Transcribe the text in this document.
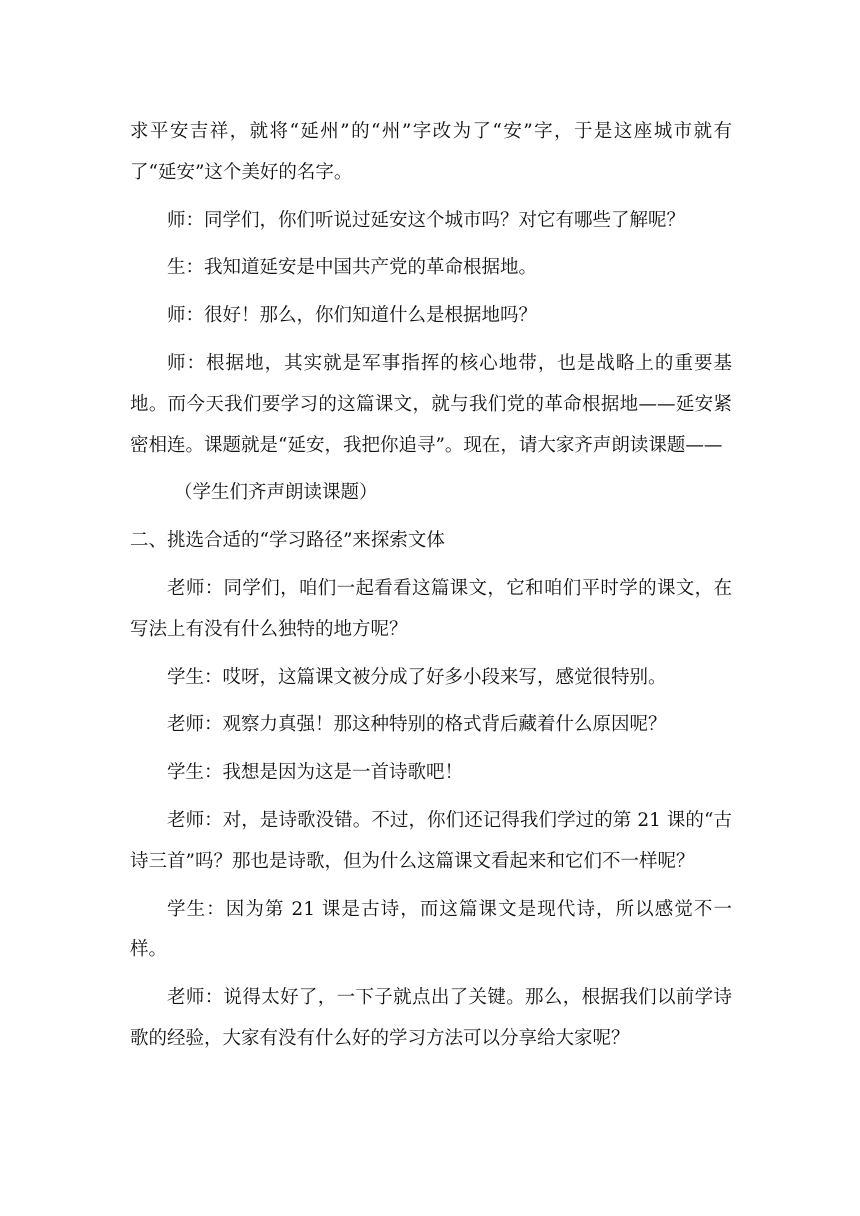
求平安吉祥，就将“延州”的“州”字改为了“安”字，于是这座城市就有了“延安”这个美好的名字。

师：同学们，你们听说过延安这个城市吗？对它有哪些了解呢？

生：我知道延安是中国共产党的革命根据地。

师：很好！那么，你们知道什么是根据地吗？

师：根据地，其实就是军事指挥的核心地带，也是战略上的重要基地。而今天我们要学习的这篇课文，就与我们党的革命根据地——延安紧密相连。课题就是“延安，我把你追寻”。现在，请大家齐声朗读课题——

（学生们齐声朗读课题）

二、挑选合适的“学习路径”来探索文体

老师：同学们，咱们一起看看这篇课文，它和咱们平时学的课文，在写法上有没有什么独特的地方呢？

学生：哎呀，这篇课文被分成了好多小段来写，感觉很特别。

老师：观察力真强！那这种特别的格式背后藏着什么原因呢？

学生：我想是因为这是一首诗歌吧！

老师：对，是诗歌没错。不过，你们还记得我们学过的第 21 课的“古诗三首”吗？那也是诗歌，但为什么这篇课文看起来和它们不一样呢？

学生：因为第 21 课是古诗，而这篇课文是现代诗，所以感觉不一样。

老师：说得太好了，一下子就点出了关键。那么，根据我们以前学诗歌的经验，大家有没有什么好的学习方法可以分享给大家呢？
